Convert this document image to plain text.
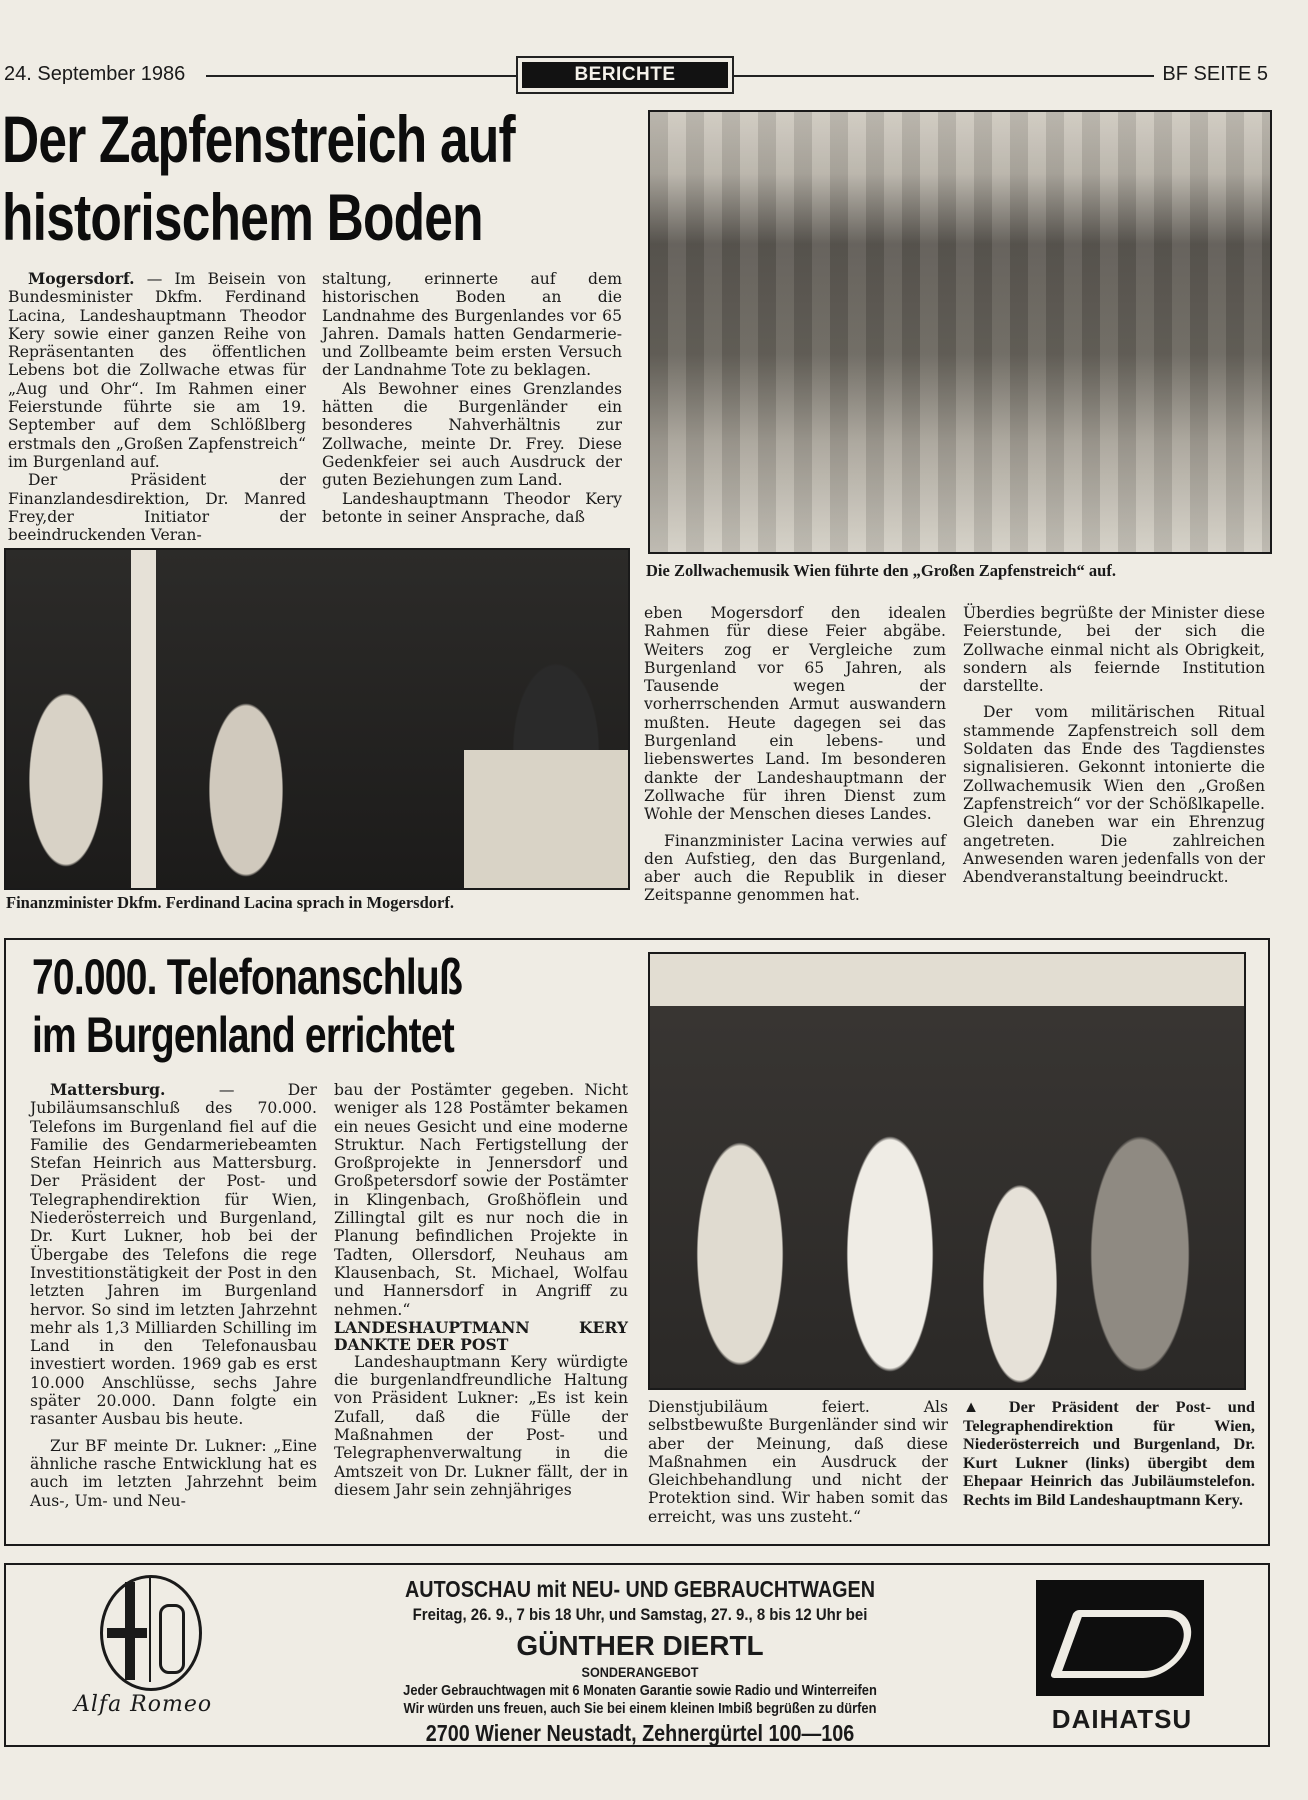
24. September 1986	BERICHTE	BF SEITE 5
Der Zapfenstreich auf
historischem Boden

Mogersdorf. — Im Beisein von Bundesminister Dkfm. Ferdinand Lacina, Landeshauptmann Theodor Kery sowie einer ganzen Reihe von Repräsentanten des öffentlichen Lebens bot die Zollwache etwas für „Aug und Ohr“. Im Rahmen einer Feierstunde führte sie am 19. September auf dem Schlößlberg erstmals den „Großen Zapfenstreich“ im Burgenland auf.

Der Präsident der Finanzlandesdirektion, Dr. Manred Frey,der Initiator der beeindruckenden Veran-

staltung, erinnerte auf dem historischen Boden an die Landnahme des Burgenlandes vor 65 Jahren. Damals hatten Gendarmerie- und Zollbeamte beim ersten Versuch der Landnahme Tote zu beklagen.

Als Bewohner eines Grenzlandes hätten die Burgenländer ein besonderes Nahverhältnis zur Zollwache, meinte Dr. Frey. Diese Gedenkfeier sei auch Ausdruck der guten Beziehungen zum Land.

Landeshauptmann Theodor Kery betonte in seiner Ansprache, daß

Die Zollwachemusik Wien führte den „Großen Zapfenstreich“ auf.
Finanzminister Dkfm. Ferdinand Lacina sprach in Mogersdorf.

eben Mogersdorf den idealen Rahmen für diese Feier abgäbe. Weiters zog er Vergleiche zum Burgenland vor 65 Jahren, als Tausende wegen der vorherrschenden Armut auswandern mußten. Heute dagegen sei das Burgenland ein lebens- und liebenswertes Land. Im besonderen dankte der Landeshauptmann der Zollwache für ihren Dienst zum Wohle der Menschen dieses Landes.

Finanzminister Lacina verwies auf den Aufstieg, den das Burgenland, aber auch die Republik in dieser Zeitspanne genommen hat.

Überdies begrüßte der Minister diese Feierstunde, bei der sich die Zollwache einmal nicht als Obrigkeit, sondern als feiernde Institution darstellte.

Der vom militärischen Ritual stammende Zapfenstreich soll dem Soldaten das Ende des Tagdienstes signalisieren. Gekonnt intonierte die Zollwachemusik Wien den „Großen Zapfenstreich“ vor der Schößlkapelle. Gleich daneben war ein Ehrenzug angetreten. Die zahlreichen Anwesenden waren jedenfalls von der Abendveranstaltung beeindruckt.

70.000. Telefonanschluß
im Burgenland errichtet

Mattersburg.	— Der Jubiläumsanschluß des 70.000. Telefons im Burgenland fiel auf die Familie des Gendarmeriebeamten Stefan Heinrich aus Mattersburg. Der Präsident der Post- und Telegraphendirektion für Wien, Niederösterreich und Burgenland, Dr. Kurt Lukner, hob bei der Übergabe des Telefons die rege Investitionstätigkeit der Post in den letzten Jahren im Burgenland hervor. So sind im letzten Jahrzehnt mehr als 1,3 Milliarden Schilling im Land in den Telefonausbau investiert worden. 1969 gab es erst 10.000 Anschlüsse, sechs Jahre später 20.000. Dann folgte ein rasanter Ausbau bis heute.

Zur BF meinte Dr. Lukner: „Eine ähnliche rasche Entwicklung hat es auch im letzten Jahrzehnt beim Aus-, Um- und Neu-

bau der Postämter gegeben. Nicht weniger als 128 Postämter bekamen ein neues Gesicht und eine moderne Struktur. Nach Fertigstellung der Großprojekte in Jennersdorf und Großpetersdorf sowie der Postämter in Klingenbach, Großhöflein und Zillingtal gilt es nur noch die in Planung befindlichen Projekte in Tadten, Ollersdorf, Neuhaus am Klausenbach, St. Michael, Wolfau und Hannersdorf in Angriff zu nehmen.“

LANDESHAUPTMANN KERY DANKTE DER POST

Landeshauptmann Kery würdigte die burgenlandfreundliche Haltung von Präsident Lukner: „Es ist kein Zufall, daß die Fülle der Maßnahmen der Post- und Telegraphenverwaltung in die Amtszeit von Dr. Lukner fällt, der in diesem Jahr sein zehnjähriges

Dienstjubiläum feiert. Als selbstbewußte Burgenländer sind wir aber der Meinung, daß diese Maßnahmen ein Ausdruck der Gleichbehandlung und nicht der Protektion sind. Wir haben somit das erreicht, was uns zusteht.“

▲ Der Präsident der Post- und Telegraphendirektion für Wien, Niederösterreich und Burgenland, Dr. Kurt Lukner (links) übergibt dem Ehepaar Heinrich das Jubiläumstelefon. Rechts im Bild Landeshauptmann Kery.
Alfa Romeo
AUTOSCHAU mit NEU- UND GEBRAUCHTWAGEN
Freitag, 26. 9., 7 bis 18 Uhr, und Samstag, 27. 9., 8 bis 12 Uhr bei
GÜNTHER DIERTL
SONDERANGEBOT
Jeder Gebrauchtwagen mit 6 Monaten Garantie sowie Radio und Winterreifen
Wir würden uns freuen, auch Sie bei einem kleinen Imbiß begrüßen zu dürfen
2700 Wiener Neustadt, Zehnergürtel 100—106	DAIHATSU
